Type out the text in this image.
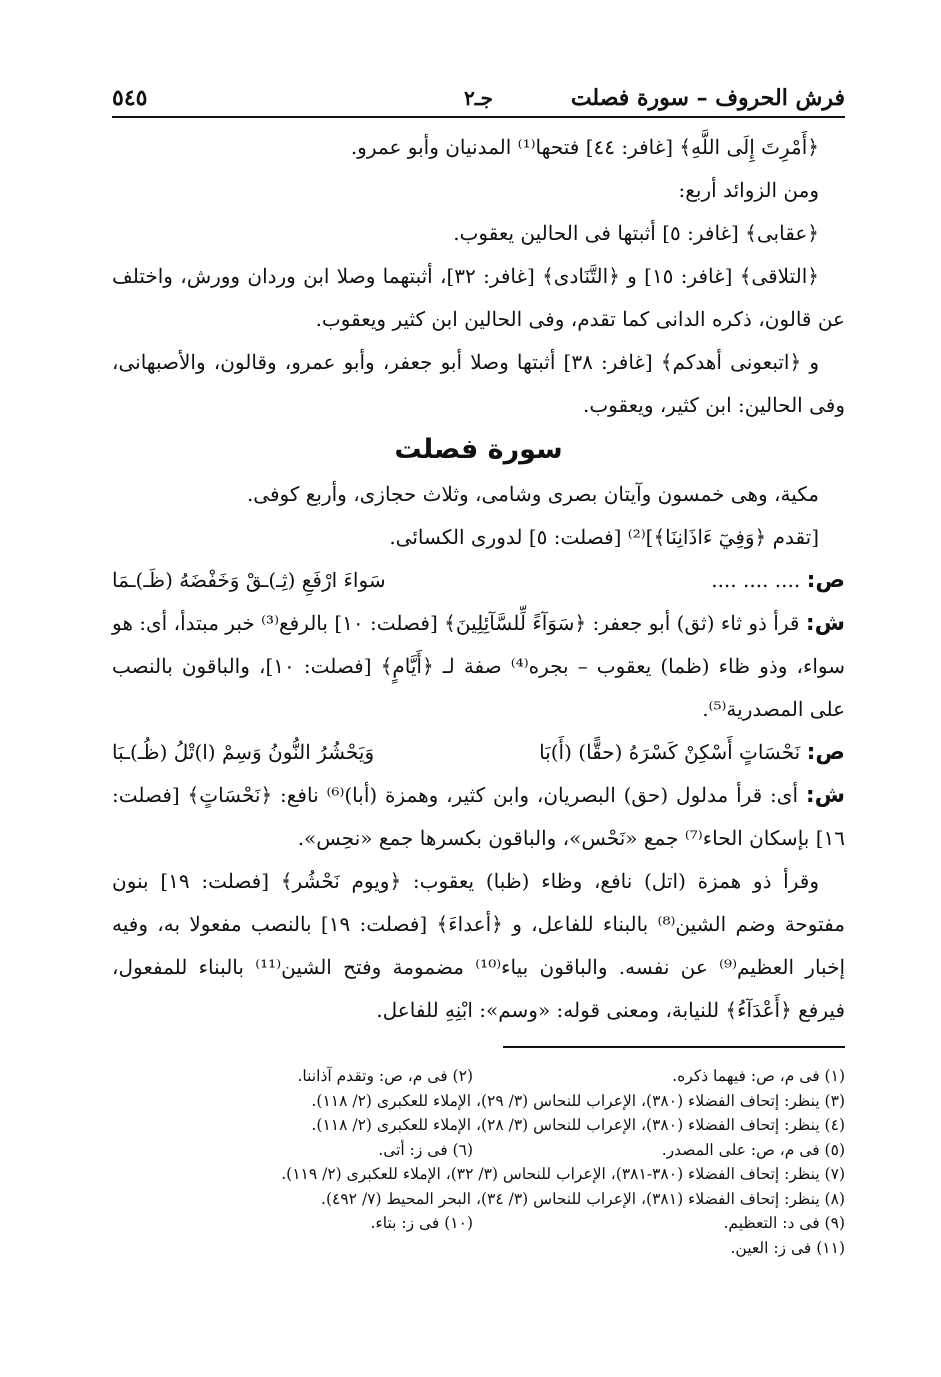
فرش الحروف – سورة فصلت
جـ٢
٥٤٥

﴿أَمْرِتَ إِلَى اللَّهِ﴾ [غافر: ٤٤] فتحها⁽¹⁾ المدنيان وأبو عمرو.

ومن الزوائد أربع:

﴿عقابى﴾ [غافر: ٥] أثبتها فى الحالين يعقوب.

﴿التلاقى﴾ [غافر: ١٥] و ﴿التَّنَادى﴾ [غافر: ٣٢]، أثبتهما وصلا ابن وردان وورش، واختلف عن قالون، ذكره الدانى كما تقدم، وفى الحالين ابن كثير ويعقوب.

و ﴿اتبعونى أهدكم﴾ [غافر: ٣٨] أثبتها وصلا أبو جعفر، وأبو عمرو، وقالون، والأصبهانى، وفى الحالين: ابن كثير، ويعقوب.

سورة فصلت

مكية، وهى خمسون وآيتان بصرى وشامى، وثلاث حجازى، وأربع كوفى.

[تقدم ﴿وَفِيٓ ءَاذَانِنَا﴾]⁽²⁾ [فصلت: ٥] لدورى الكسائى.

ص: .... .... ....
سَواءَ ارْفَعِ (ثِـ)ـقْ وَخَفْضَهُ (ظَـ)ـمَا

ش: قرأ ذو ثاء (ثق) أبو جعفر: ﴿سَوَآءً لِّلسَّآئِلِينَ﴾ [فصلت: ١٠] بالرفع⁽³⁾ خبر مبتدأ، أى: هو سواء، وذو ظاء (ظما) يعقوب – بجره⁽⁴⁾ صفة لـ ﴿أَيَّامٍ﴾ [فصلت: ١٠]، والباقون بالنصب على المصدرية⁽⁵⁾.

ص: نَحْسَاتٍ أَسْكِنْ كَسْرَهُ (حقًّا) (أَ)بَا
وَيَحْشُرُ النُّونُ وَسِمْ (ا)تْلُ (ظُـ)ـبَا

ش: أى: قرأ مدلول (حق) البصريان، وابن كثير، وهمزة (أبا)⁽⁶⁾ نافع: ﴿نَحْسَاتٍ﴾ [فصلت: ١٦] بإسكان الحاء⁽⁷⁾ جمع «نَحْس»، والباقون بكسرها جمع «نحِس».

وقرأ ذو همزة (اتل) نافع، وظاء (ظبا) يعقوب: ﴿ويوم نَحْشُر﴾ [فصلت: ١٩] بنون مفتوحة وضم الشين⁽⁸⁾ بالبناء للفاعل، و ﴿أعداءَ﴾ [فصلت: ١٩] بالنصب مفعولا به، وفيه إخبار العظيم⁽⁹⁾ عن نفسه. والباقون بياء⁽¹⁰⁾ مضمومة وفتح الشين⁽¹¹⁾ بالبناء للمفعول، فيرفع ﴿أَعْدَآءُ﴾ للنيابة، ومعنى قوله: «وسم»: ابْنِهِ للفاعل.

(١) فى م، ص: فيهما ذكره.(٢) فى م، ص: وتقدم آذاننا.
(٣) ينظر: إتحاف الفضلاء (٣٨٠)، الإعراب للنحاس (٣/ ٢٩)، الإملاء للعكبرى (٢/ ١١٨).
(٤) ينظر: إتحاف الفضلاء (٣٨٠)، الإعراب للنحاس (٣/ ٢٨)، الإملاء للعكبرى (٢/ ١١٨).
(٥) فى م، ص: على المصدر.(٦) فى ز: أتى.
(٧) ينظر: إتحاف الفضلاء (٣٨٠-٣٨١)، الإعراب للنحاس (٣/ ٣٢)، الإملاء للعكبرى (٢/ ١١٩).
(٨) ينظر: إتحاف الفضلاء (٣٨١)، الإعراب للنحاس (٣/ ٣٤)، البحر المحيط (٧/ ٤٩٢).
(٩) فى د: التعظيم.(١٠) فى ز: بتاء.
(١١) فى ز: العين.
